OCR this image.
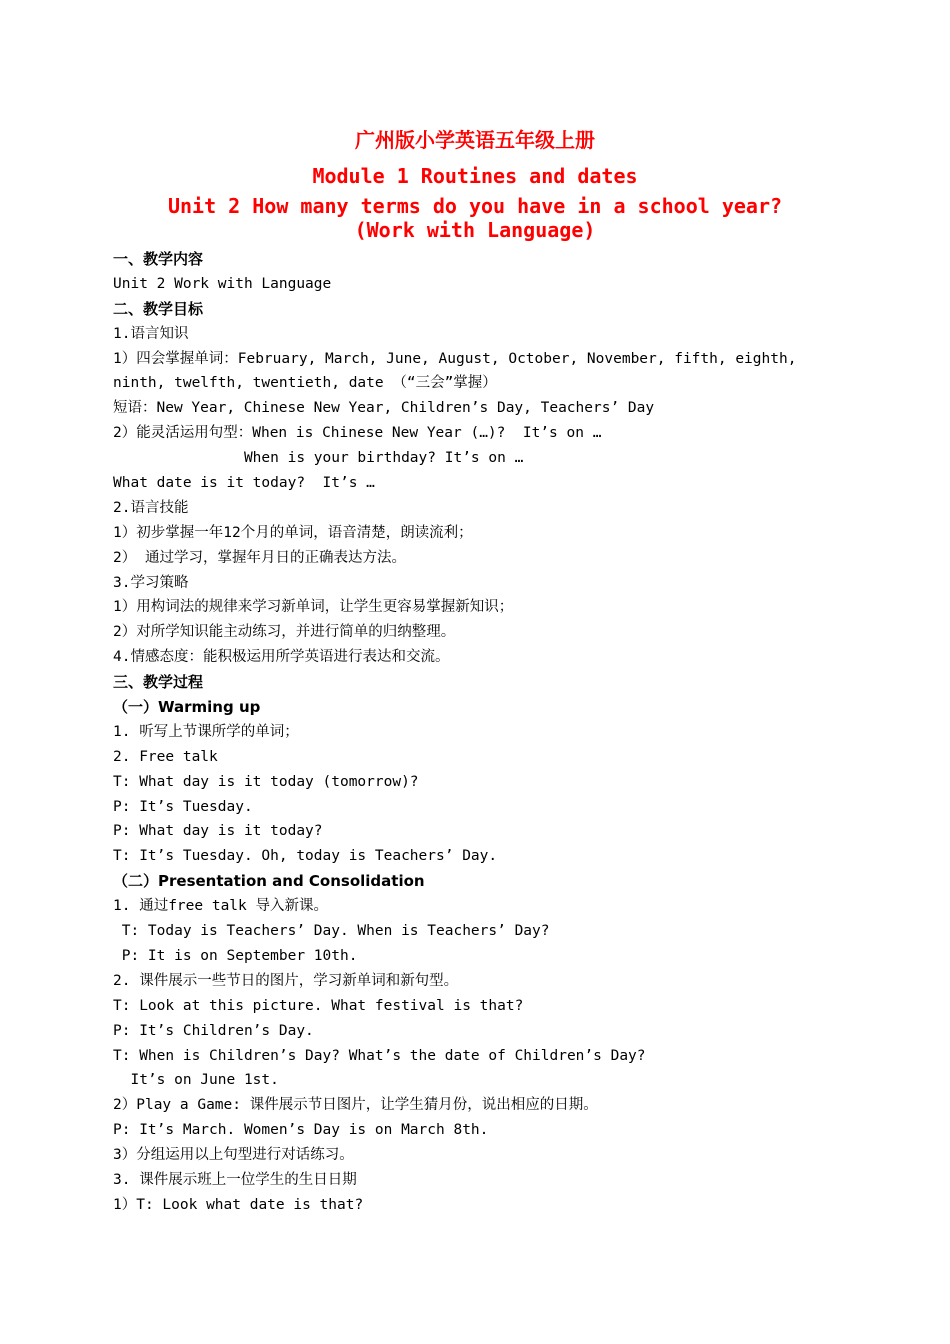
广州版小学英语五年级上册
Module 1 Routines and dates
Unit 2 How many terms do you have in a school year?
(Work with Language)
一、教学内容
Unit 2 Work with Language
二、教学目标
1.语言知识
1）四会掌握单词：February, March, June, August, October, November, fifth, eighth,
ninth, twelfth, twentieth, date （“三会”掌握）
短语：New Year, Chinese New Year, Children’s Day, Teachers’ Day
2）能灵活运用句型：When is Chinese New Year (…)?  It’s on …
When is your birthday? It’s on …
What date is it today?  It’s …
2.语言技能
1）初步掌握一年12个月的单词，语音清楚，朗读流利；
2） 通过学习，掌握年月日的正确表达方法。
3.学习策略
1）用构词法的规律来学习新单词，让学生更容易掌握新知识；
2）对所学知识能主动练习，并进行简单的归纳整理。
4.情感态度：能积极运用所学英语进行表达和交流。
三、教学过程
（一）Warming up
1. 听写上节课所学的单词；
2. Free talk
T: What day is it today (tomorrow)?
P: It’s Tuesday.
P: What day is it today?
T: It’s Tuesday. Oh, today is Teachers’ Day.
（二）Presentation and Consolidation
1. 通过free talk 导入新课。
T: Today is Teachers’ Day. When is Teachers’ Day?
P: It is on September 10th.
2. 课件展示一些节日的图片，学习新单词和新句型。
T: Look at this picture. What festival is that?
P: It’s Children’s Day.
T: When is Children’s Day? What’s the date of Children’s Day?
It’s on June 1st.
2）Play a Game: 课件展示节日图片，让学生猜月份，说出相应的日期。
P: It’s March. Women’s Day is on March 8th.
3）分组运用以上句型进行对话练习。
3. 课件展示班上一位学生的生日日期
1）T: Look what date is that?
